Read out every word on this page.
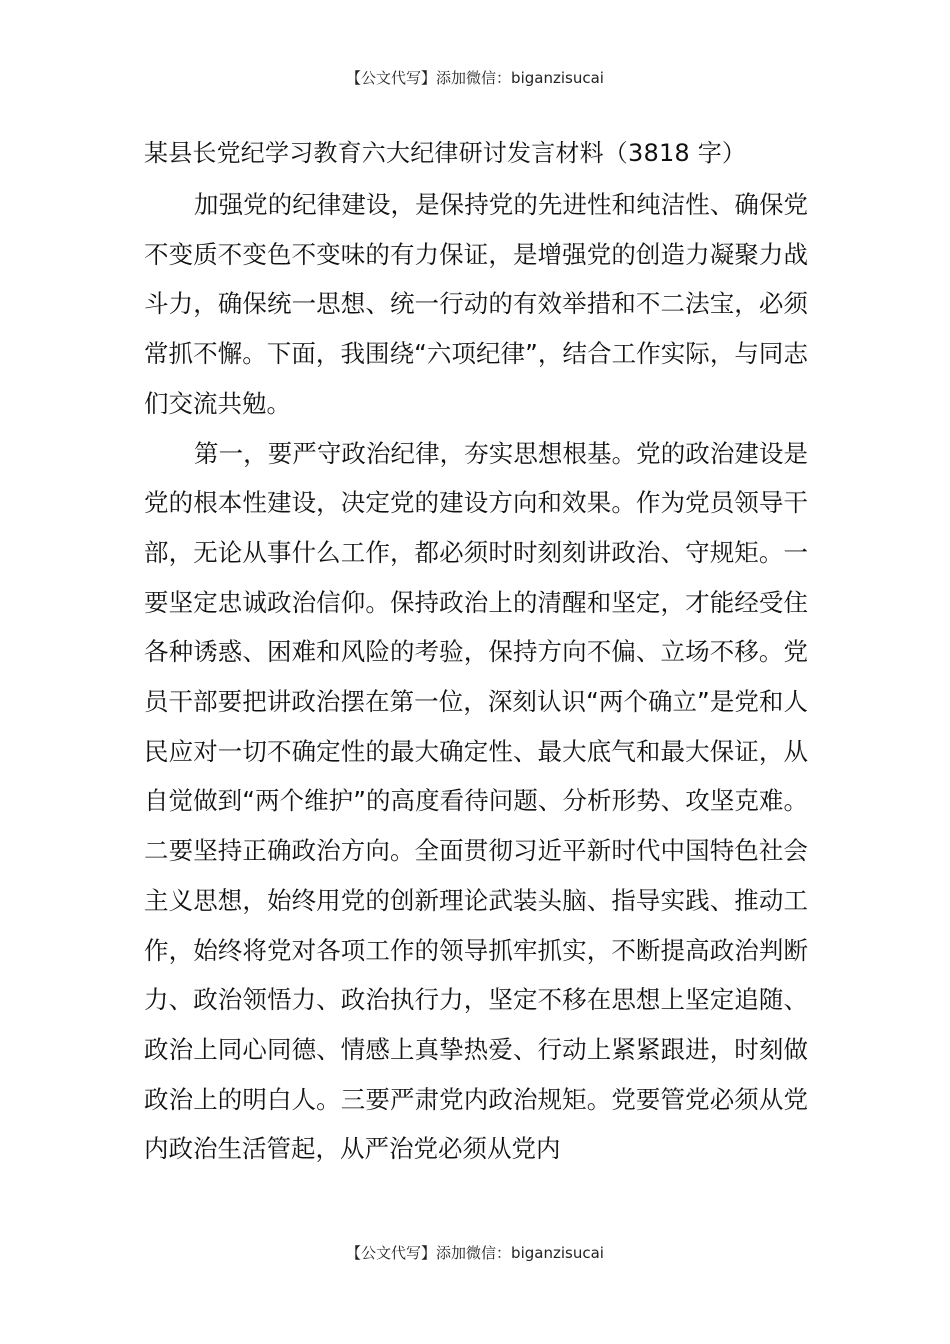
【公文代写】添加微信：biganzisucai
某县长党纪学习教育六大纪律研讨发言材料（3818 字）

加强党的纪律建设，是保持党的先进性和纯洁性、确保党不变质不变色不变味的有力保证，是增强党的创造力凝聚力战斗力，确保统一思想、统一行动的有效举措和不二法宝，必须常抓不懈。下面，我围绕“六项纪律”，结合工作实际，与同志们交流共勉。

第一，要严守政治纪律，夯实思想根基。党的政治建设是党的根本性建设，决定党的建设方向和效果。作为党员领导干部，无论从事什么工作，都必须时时刻刻讲政治、守规矩。一要坚定忠诚政治信仰。保持政治上的清醒和坚定，才能经受住各种诱惑、困难和风险的考验，保持方向不偏、立场不移。党员干部要把讲政治摆在第一位，深刻认识“两个确立”是党和人民应对一切不确定性的最大确定性、最大底气和最大保证，从自觉做到“两个维护”的高度看待问题、分析形势、攻坚克难。二要坚持正确政治方向。全面贯彻习近平新时代中国特色社会主义思想，始终用党的创新理论武装头脑、指导实践、推动工作，始终将党对各项工作的领导抓牢抓实，不断提高政治判断力、政治领悟力、政治执行力，坚定不移在思想上坚定追随、政治上同心同德、情感上真挚热爱、行动上紧紧跟进，时刻做政治上的明白人。三要严肃党内政治规矩。党要管党必须从党内政治生活管起，从严治党必须从党内

【公文代写】添加微信：biganzisucai
